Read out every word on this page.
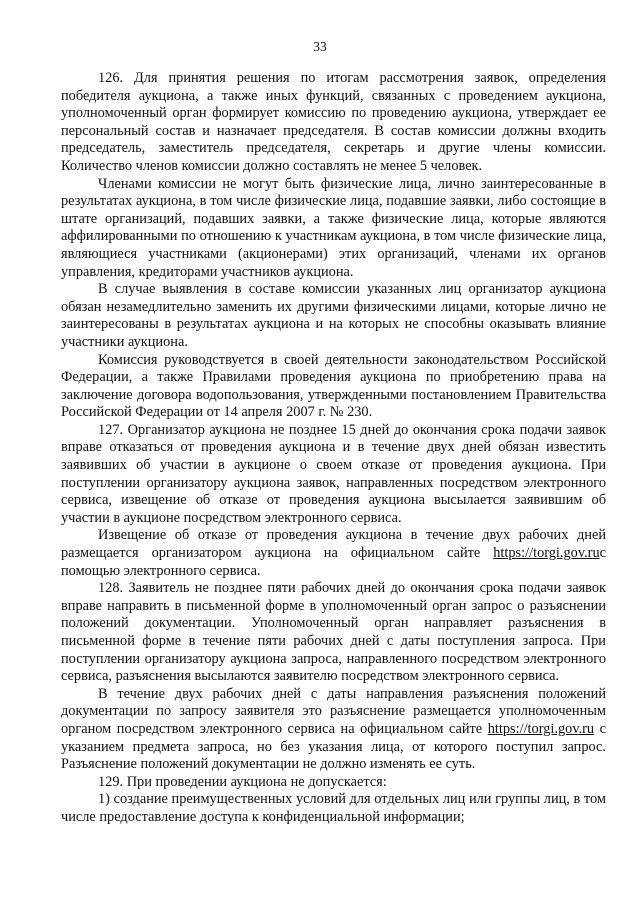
33

126. Для принятия решения по итогам рассмотрения заявок, определения победителя аукциона, а также иных функций, связанных с проведением аукциона, уполномоченный орган формирует комиссию по проведению аукциона, утверждает ее персональный состав и назначает председателя. В состав комиссии должны входить председатель, заместитель председателя, секретарь и другие члены комиссии. Количество членов комиссии должно составлять не менее 5 человек.

Членами комиссии не могут быть физические лица, лично заинтересованные в результатах аукциона, в том числе физические лица, подавшие заявки, либо состоящие в штате организаций, подавших заявки, а также физические лица, которые являются аффилированными по отношению к участникам аукциона, в том числе физические лица, являющиеся участниками (акционерами) этих организаций, членами их органов управления, кредиторами участников аукциона.

В случае выявления в составе комиссии указанных лиц организатор аукциона обязан незамедлительно заменить их другими физическими лицами, которые лично не заинтересованы в результатах аукциона и на которых не способны оказывать влияние участники аукциона.

Комиссия руководствуется в своей деятельности законодательством Российской Федерации, а также Правилами проведения аукциона по приобретению права на заключение договора водопользования, утвержденными постановлением Правительства Российской Федерации от 14 апреля 2007 г. № 230.

127. Организатор аукциона не позднее 15 дней до окончания срока подачи заявок вправе отказаться от проведения аукциона и в течение двух дней обязан известить заявивших об участии в аукционе о своем отказе от проведения аукциона. При поступлении организатору аукциона заявок, направленных посредством электронного сервиса, извещение об отказе от проведения аукциона высылается заявившим об участии в аукционе посредством электронного сервиса.

Извещение об отказе от проведения аукциона в течение двух рабочих дней размещается организатором аукциона на официальном сайте https://torgi.gov.ruс помощью электронного сервиса.

128. Заявитель не позднее пяти рабочих дней до окончания срока подачи заявок вправе направить в письменной форме в уполномоченный орган запрос о разъяснении положений документации. Уполномоченный орган направляет разъяснения в письменной форме в течение пяти рабочих дней с даты поступления запроса. При поступлении организатору аукциона запроса, направленного посредством электронного сервиса, разъяснения высылаются заявителю посредством электронного сервиса.

В течение двух рабочих дней с даты направления разъяснения положений документации по запросу заявителя это разъяснение размещается уполномоченным органом посредством электронного сервиса на официальном сайте https://torgi.gov.ru с указанием предмета запроса, но без указания лица, от которого поступил запрос. Разъяснение положений документации не должно изменять ее суть.

129. При проведении аукциона не допускается:

1) создание преимущественных условий для отдельных лиц или группы лиц, в том числе предоставление доступа к конфиденциальной информации;
